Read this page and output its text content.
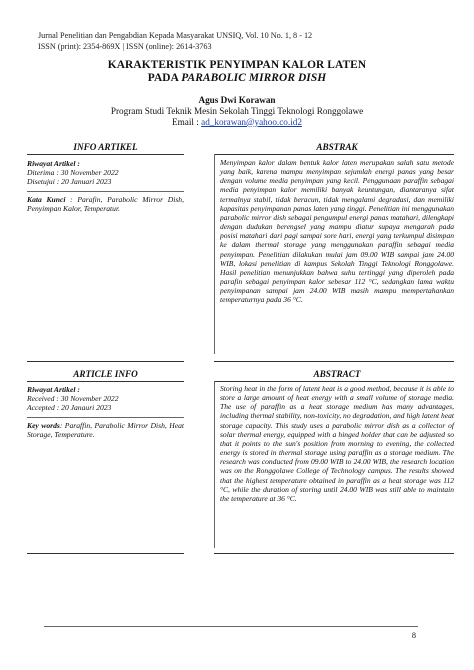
Jurnal Penelitian dan Pengabdian Kepada Masyarakat UNSIQ, Vol. 10 No. 1, 8 - 12
ISSN (print): 2354-869X | ISSN (online): 2614-3763
KARAKTERISTIK PENYIMPAN KALOR LATEN
PADA PARABOLIC MIRROR DISH
Agus Dwi Korawan
Program Studi Teknik Mesin Sekolah Tinggi Teknologi Ronggolawe
Email : ad_korawan@yahoo.co.id2
INFO ARTIKEL	ABSTRAK
Riwayat Artikel :
Diterima : 30 November 2022
Disetujui : 20 Januari 2023
Kata Kunci : Parafin, Parabolic Mirror Dish, Penyimpan Kalor, Temperatur.
Menyimpan kalor dalam bentuk kalor laten merupakan salah satu metode yang baik, karena mampu menyimpan sejumlah energi panas yang besar dengan volume media penyimpan yang kecil. Penggunaan paraffin sebagai media penyimpan kalor memiliki banyak keuntungan, diantaranya sifat termalnya stabil, tidak beracun, tidak mengalami degradasi, dan memiliki kapasitas penyimpanan panas laten yang tinggi. Penelitian ini menggunakan parabolic mirror dish sebagai pengumpul energi panas matahari, dilengkapi dengan dudukan berengsel yang mampu diatur supaya mengarah pada posisi matahari dari pagi sampai sore hari, energi yang terkumpul disimpan ke dalam thermal storage yang menggunakan paraffin sebagai media penyimpan. Penelitian dilakukan mulai jam 09.00 WIB sampai jam 24.00 WIB, lokasi penelitian di kampus Sekolah Tinggi Teknologi Ronggolawe. Hasil penelitian menunjukkan bahwa suhu tertinggi yang diperoleh pada parafin sebagai penyimpan kalor sebesar 112 °C, sedangkan lama waktu penyimpanan sampai jam 24.00 WIB masih mampu mempertahankan temperaturnya pada 36 °C.
ARTICLE INFO	ABSTRACT
Riwayat Artikel :
Received : 30 November 2022
Accepted : 20 Janauri 2023
Key words: Paraffin, Parabolic Mirror Dish, Heat Storage, Temperature.
Storing heat in the form of latent heat is a good method, because it is able to store a large amount of heat energy with a small volume of storage media. The use of paraffin as a heat storage medium has many advantages, including thermal stability, non-toxicity, no degradation, and high latent heat storage capacity. This study uses a parabolic mirror dish as a collector of solar thermal energy, equipped with a hinged holder that can be adjusted so that it points to the sun's position from morning to evening, the collected energy is stored in thermal storage using paraffin as a storage medium. The research was conducted from 09.00 WIB to 24.00 WIB, the research location was on the Ronggolawe College of Technology campus. The results showed that the highest temperature obtained in paraffin as a heat storage was 112 °C, while the duration of storing until 24.00 WIB was still able to maintain the temperature at 36 °C.
8
